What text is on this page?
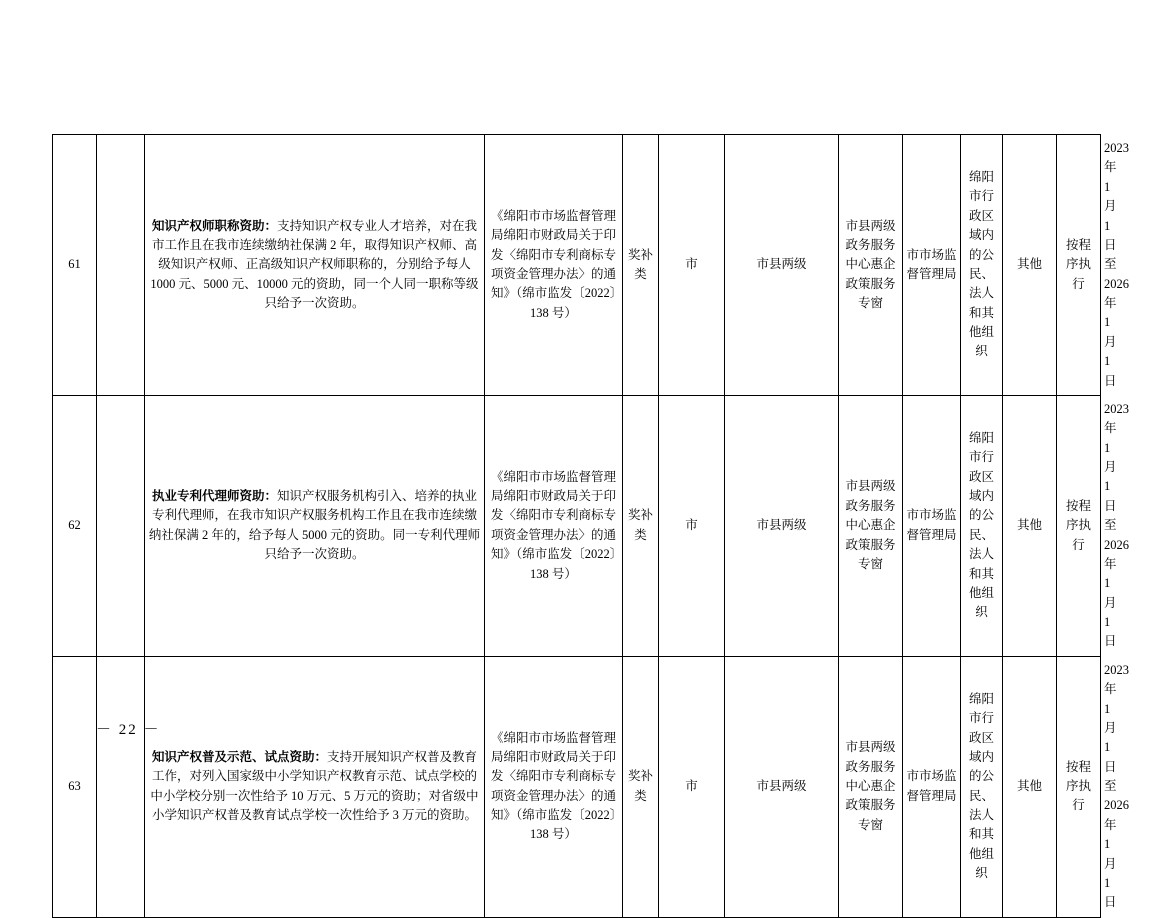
61		知识产权师职称资助：支持知识产权专业人才培养，对在我市工作且在我市连续缴纳社保满 2 年，取得知识产权师、高级知识产权师、正高级知识产权师职称的，分别给予每人 1000 元、5000 元、10000 元的资助，同一个人同一职称等级只给予一次资助。	《绵阳市市场监督管理局绵阳市财政局关于印发〈绵阳市专利商标专项资金管理办法〉的通知》（绵市监发〔2022〕138 号）	奖补类	市	市县两级	市县两级政务服务中心惠企政策服务专窗	市市场监督管理局	绵阳市行政区域内的公民、法人和其他组织	其他	按程序执行	2023 年 1 月 1 日至 2026 年 1 月 1 日
62		执业专利代理师资助：知识产权服务机构引入、培养的执业专利代理师，在我市知识产权服务机构工作且在我市连续缴纳社保满 2 年的，给予每人 5000 元的资助。同一专利代理师只给予一次资助。	《绵阳市市场监督管理局绵阳市财政局关于印发〈绵阳市专利商标专项资金管理办法〉的通知》（绵市监发〔2022〕138 号）	奖补类	市	市县两级	市县两级政务服务中心惠企政策服务专窗	市市场监督管理局	绵阳市行政区域内的公民、法人和其他组织	其他	按程序执行	2023 年 1 月 1 日至 2026 年 1 月 1 日
63		知识产权普及示范、试点资助：支持开展知识产权普及教育工作，对列入国家级中小学知识产权教育示范、试点学校的中小学校分别一次性给予 10 万元、5 万元的资助；对省级中小学知识产权普及教育试点学校一次性给予 3 万元的资助。	《绵阳市市场监督管理局绵阳市财政局关于印发〈绵阳市专利商标专项资金管理办法〉的通知》（绵市监发〔2022〕138 号）	奖补类	市	市县两级	市县两级政务服务中心惠企政策服务专窗	市市场监督管理局	绵阳市行政区域内的公民、法人和其他组织	其他	按程序执行	2023 年 1 月 1 日至 2026 年 1 月 1 日
－ 22 －
